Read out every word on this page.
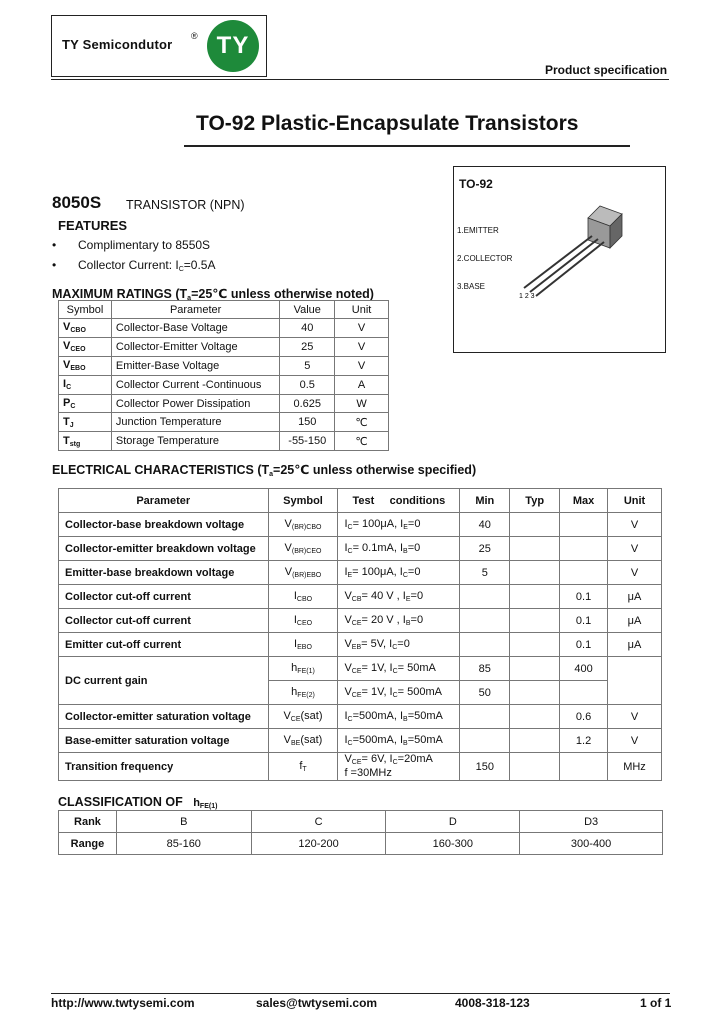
TY Semicondutor
® TY
Product specification
TO-92 Plastic-Encapsulate Transistors
8050S TRANSISTOR (NPN)
FEATURES
• Complimentary to 8550S
• Collector Current: $I_C=0.5A$
TO-92
1.EMITTER
2.COLLECTOR
3.BASE
1 2 3
MAXIMUM RATINGS ($T_a=25℃$ unless otherwise noted)
Symbol	Parameter	Value	Unit
$V_{CBO}$	Collector-Base Voltage	40	V
$V_{CEO}$	Collector-Emitter Voltage	25	V
$V_{EBO}$	Emitter-Base Voltage	5	V
$I_C$	Collector Current -Continuous	0.5	A
$P_C$	Collector Power Dissipation	0.625	W
$T_J$	Junction Temperature	150	℃
$T_{stg}$	Storage Temperature	-55-150	℃
ELECTRICAL CHARACTERISTICS ($T_a=25℃$ unless otherwise specified)
Parameter	Symbol	Test     conditions	Min	Typ	Max	Unit
Collector-base breakdown voltage	$V_{(BR)CBO}$	$I_C= 100\mu A$, $I_E=0$	40			V
Collector-emitter breakdown voltage	$V_{(BR)CEO}$	$I_C= 0.1mA$, $I_B=0$	25			V
Emitter-base breakdown voltage	$V_{(BR)EBO}$	$I_E= 100\mu A$, $I_C=0$	5			V
Collector cut-off current	$I_{CBO}$	$V_{CB}= 40$ V , $I_E=0$			0.1	μA
Collector cut-off current	$I_{CEO}$	$V_{CE}= 20$ V , $I_B=0$			0.1	μA
Emitter cut-off current	$I_{EBO}$	$V_{EB}= 5V$, $I_C=0$			0.1	μA
DC current gain	$h_{FE(1)}$	$V_{CE}= 1V$, $I_C= 50mA$	85		400	
	$h_{FE(2)}$	$V_{CE}= 1V$, $I_C= 500mA$	50			
Collector-emitter saturation voltage	$V_{CE}(sat)$	$I_C=500mA$, $I_B=50mA$			0.6	V
Base-emitter saturation voltage	$V_{BE}(sat)$	$I_C=500mA$, $I_B=50mA$			1.2	V
Transition frequency	$f_T$	$V_{CE}= 6V$, $I_C=20mA$
f =30MHz	150			MHz
CLASSIFICATION OF $h_{FE(1)}$
Rank	B	C	D	D3
Range	85-160	120-200	160-300	300-400
http://www.twtysemi.com	sales@twtysemi.com	4008-318-123	1 of 1
